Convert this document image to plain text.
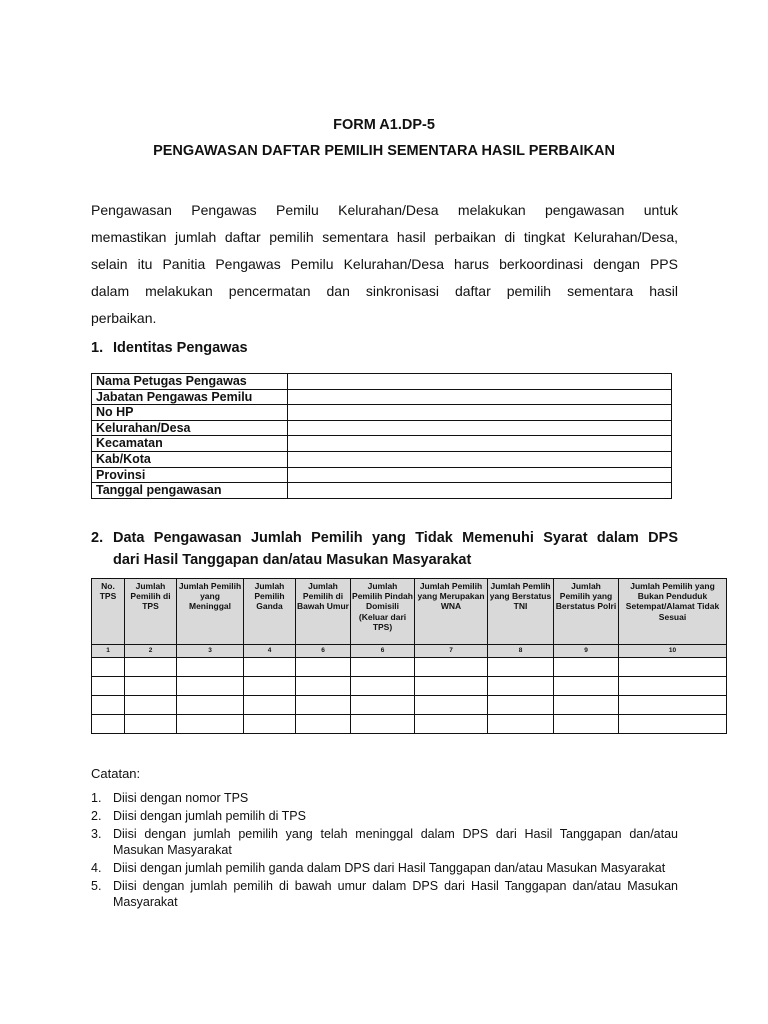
FORM A1.DP-5
PENGAWASAN DAFTAR PEMILIH SEMENTARA HASIL PERBAIKAN
Pengawasan Pengawas Pemilu Kelurahan/Desa melakukan pengawasan untuk
memastikan jumlah daftar pemilih sementara hasil perbaikan di tingkat Kelurahan/Desa,
selain itu Panitia Pengawas Pemilu Kelurahan/Desa harus berkoordinasi dengan PPS
dalam melakukan pencermatan dan sinkronisasi daftar pemilih sementara hasil
perbaikan.
1. Identitas Pengawas
Nama Petugas Pengawas	
Jabatan Pengawas Pemilu	
No HP	
Kelurahan/Desa	
Kecamatan	
Kab/Kota	
Provinsi	
Tanggal pengawasan	
2. Data Pengawasan Jumlah Pemilih yang Tidak Memenuhi Syarat dalam DPS
dari Hasil Tanggapan dan/atau Masukan Masyarakat
No. TPS	Jumlah Pemilih di TPS	Jumlah Pemilih yang Meninggal	Jumlah Pemilih Ganda	Jumlah Pemilih di Bawah Umur	Jumlah Pemilih Pindah Domisili (Keluar dari TPS)	Jumlah Pemilih yang Merupakan WNA	Jumlah Pemlih yang Berstatus TNI	Jumlah Pemilih yang Berstatus Polri	Jumlah Pemilih yang Bukan Penduduk Setempat/Alamat Tidak Sesuai
1	2	3	4	6	6	7	8	9	10

Catatan:
1. Diisi dengan nomor TPS
2. Diisi dengan jumlah pemilih di TPS
3. Diisi dengan jumlah pemilih yang telah meninggal dalam DPS dari Hasil Tanggapan dan/atau Masukan Masyarakat
4. Diisi dengan jumlah pemilih ganda dalam DPS dari Hasil Tanggapan dan/atau Masukan Masyarakat
5. Diisi dengan jumlah pemilih di bawah umur dalam DPS dari Hasil Tanggapan dan/atau Masukan Masyarakat
